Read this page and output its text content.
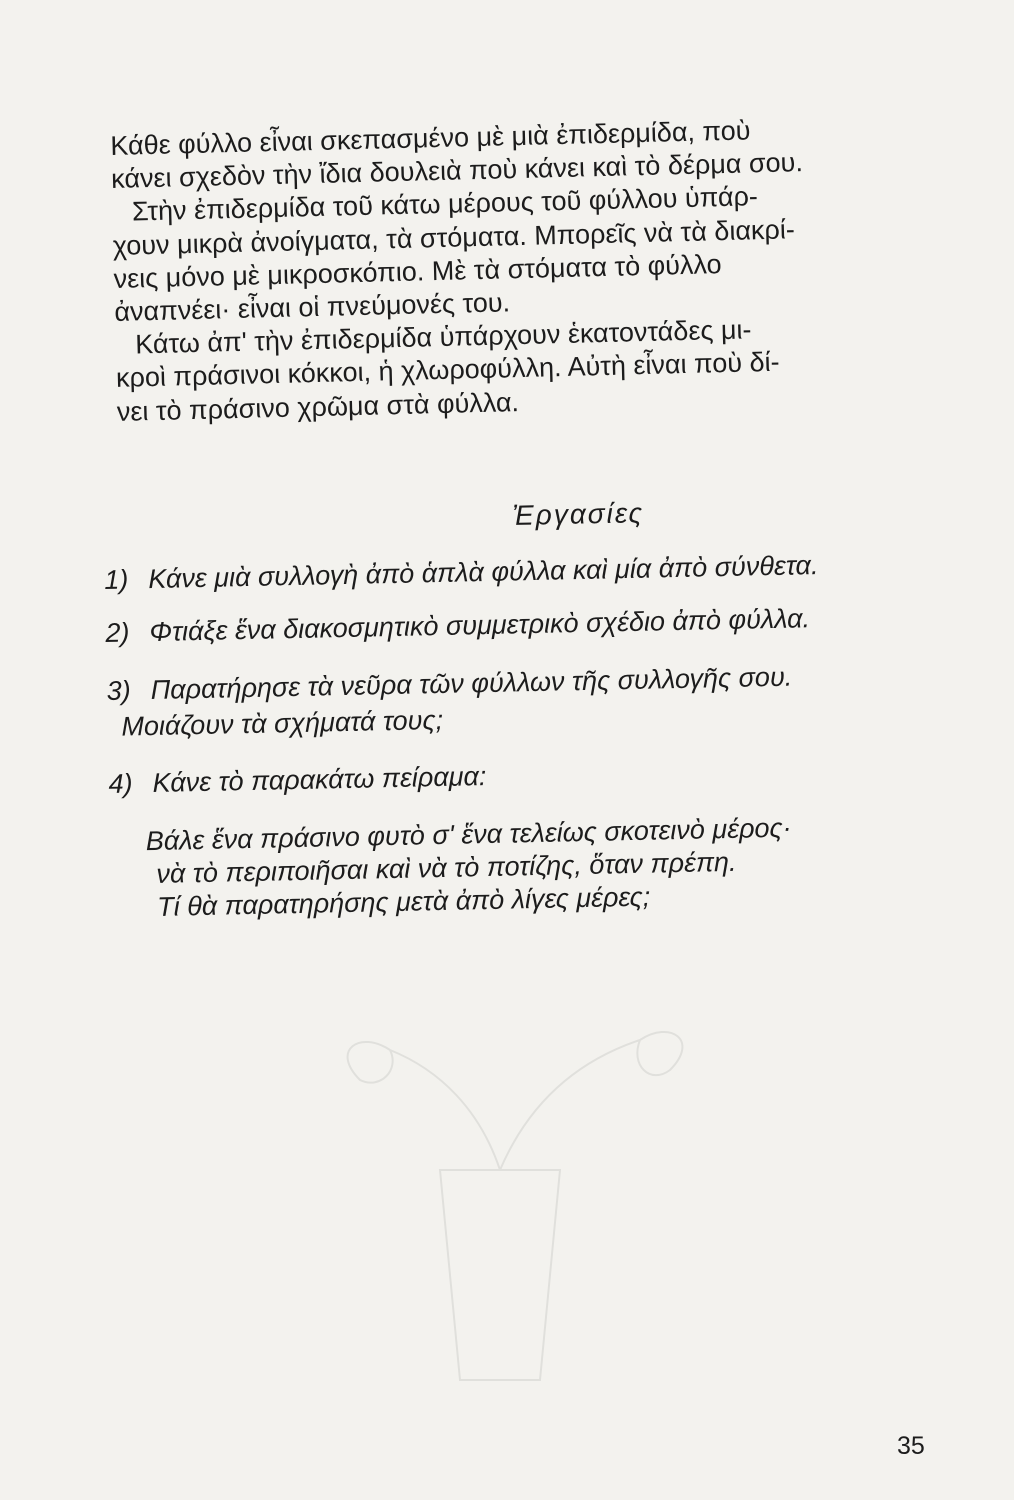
Κάθε φύλλο εἶναι σκεπασμένο μὲ μιὰ ἐπιδερμίδα, ποὺ
κάνει σχεδὸν τὴν ἴδια δουλειὰ ποὺ κάνει καὶ τὸ δέρμα σου.

Στὴν ἐπιδερμίδα τοῦ κάτω μέρους τοῦ φύλλου ὑπάρ-
χουν μικρὰ ἀνοίγματα, τὰ στόματα. Μπορεῖς νὰ τὰ διακρί-
νεις μόνο μὲ μικροσκόπιο. Μὲ τὰ στόματα τὸ φύλλο
ἀναπνέει· εἶναι οἱ πνεύμονές του.

Κάτω ἀπ' τὴν ἐπιδερμίδα ὑπάρχουν ἑκατοντάδες μι-
κροὶ πράσινοι κόκκοι, ἡ χλωροφύλλη. Αὐτὴ εἶναι ποὺ δί-
νει τὸ πράσινο χρῶμα στὰ φύλλα.

Ἐργασίες

1) Κάνε μιὰ συλλογὴ ἀπὸ ἁπλὰ φύλλα καὶ μία ἀπὸ σύνθετα.

2) Φτιάξε ἕνα διακοσμητικὸ συμμετρικὸ σχέδιο ἀπὸ φύλλα.

3) Παρατήρησε τὰ νεῦρα τῶν φύλλων τῆς συλλογῆς σου.
Μοιάζουν τὰ σχήματά τους;

4) Κάνε τὸ παρακάτω πείραμα:

Βάλε ἕνα πράσινο φυτὸ σ' ἕνα τελείως σκοτεινὸ μέρος·
νὰ τὸ περιποιῆσαι καὶ νὰ τὸ ποτίζης, ὅταν πρέπη.
Τί θὰ παρατηρήσης μετὰ ἀπὸ λίγες μέρες;
35
